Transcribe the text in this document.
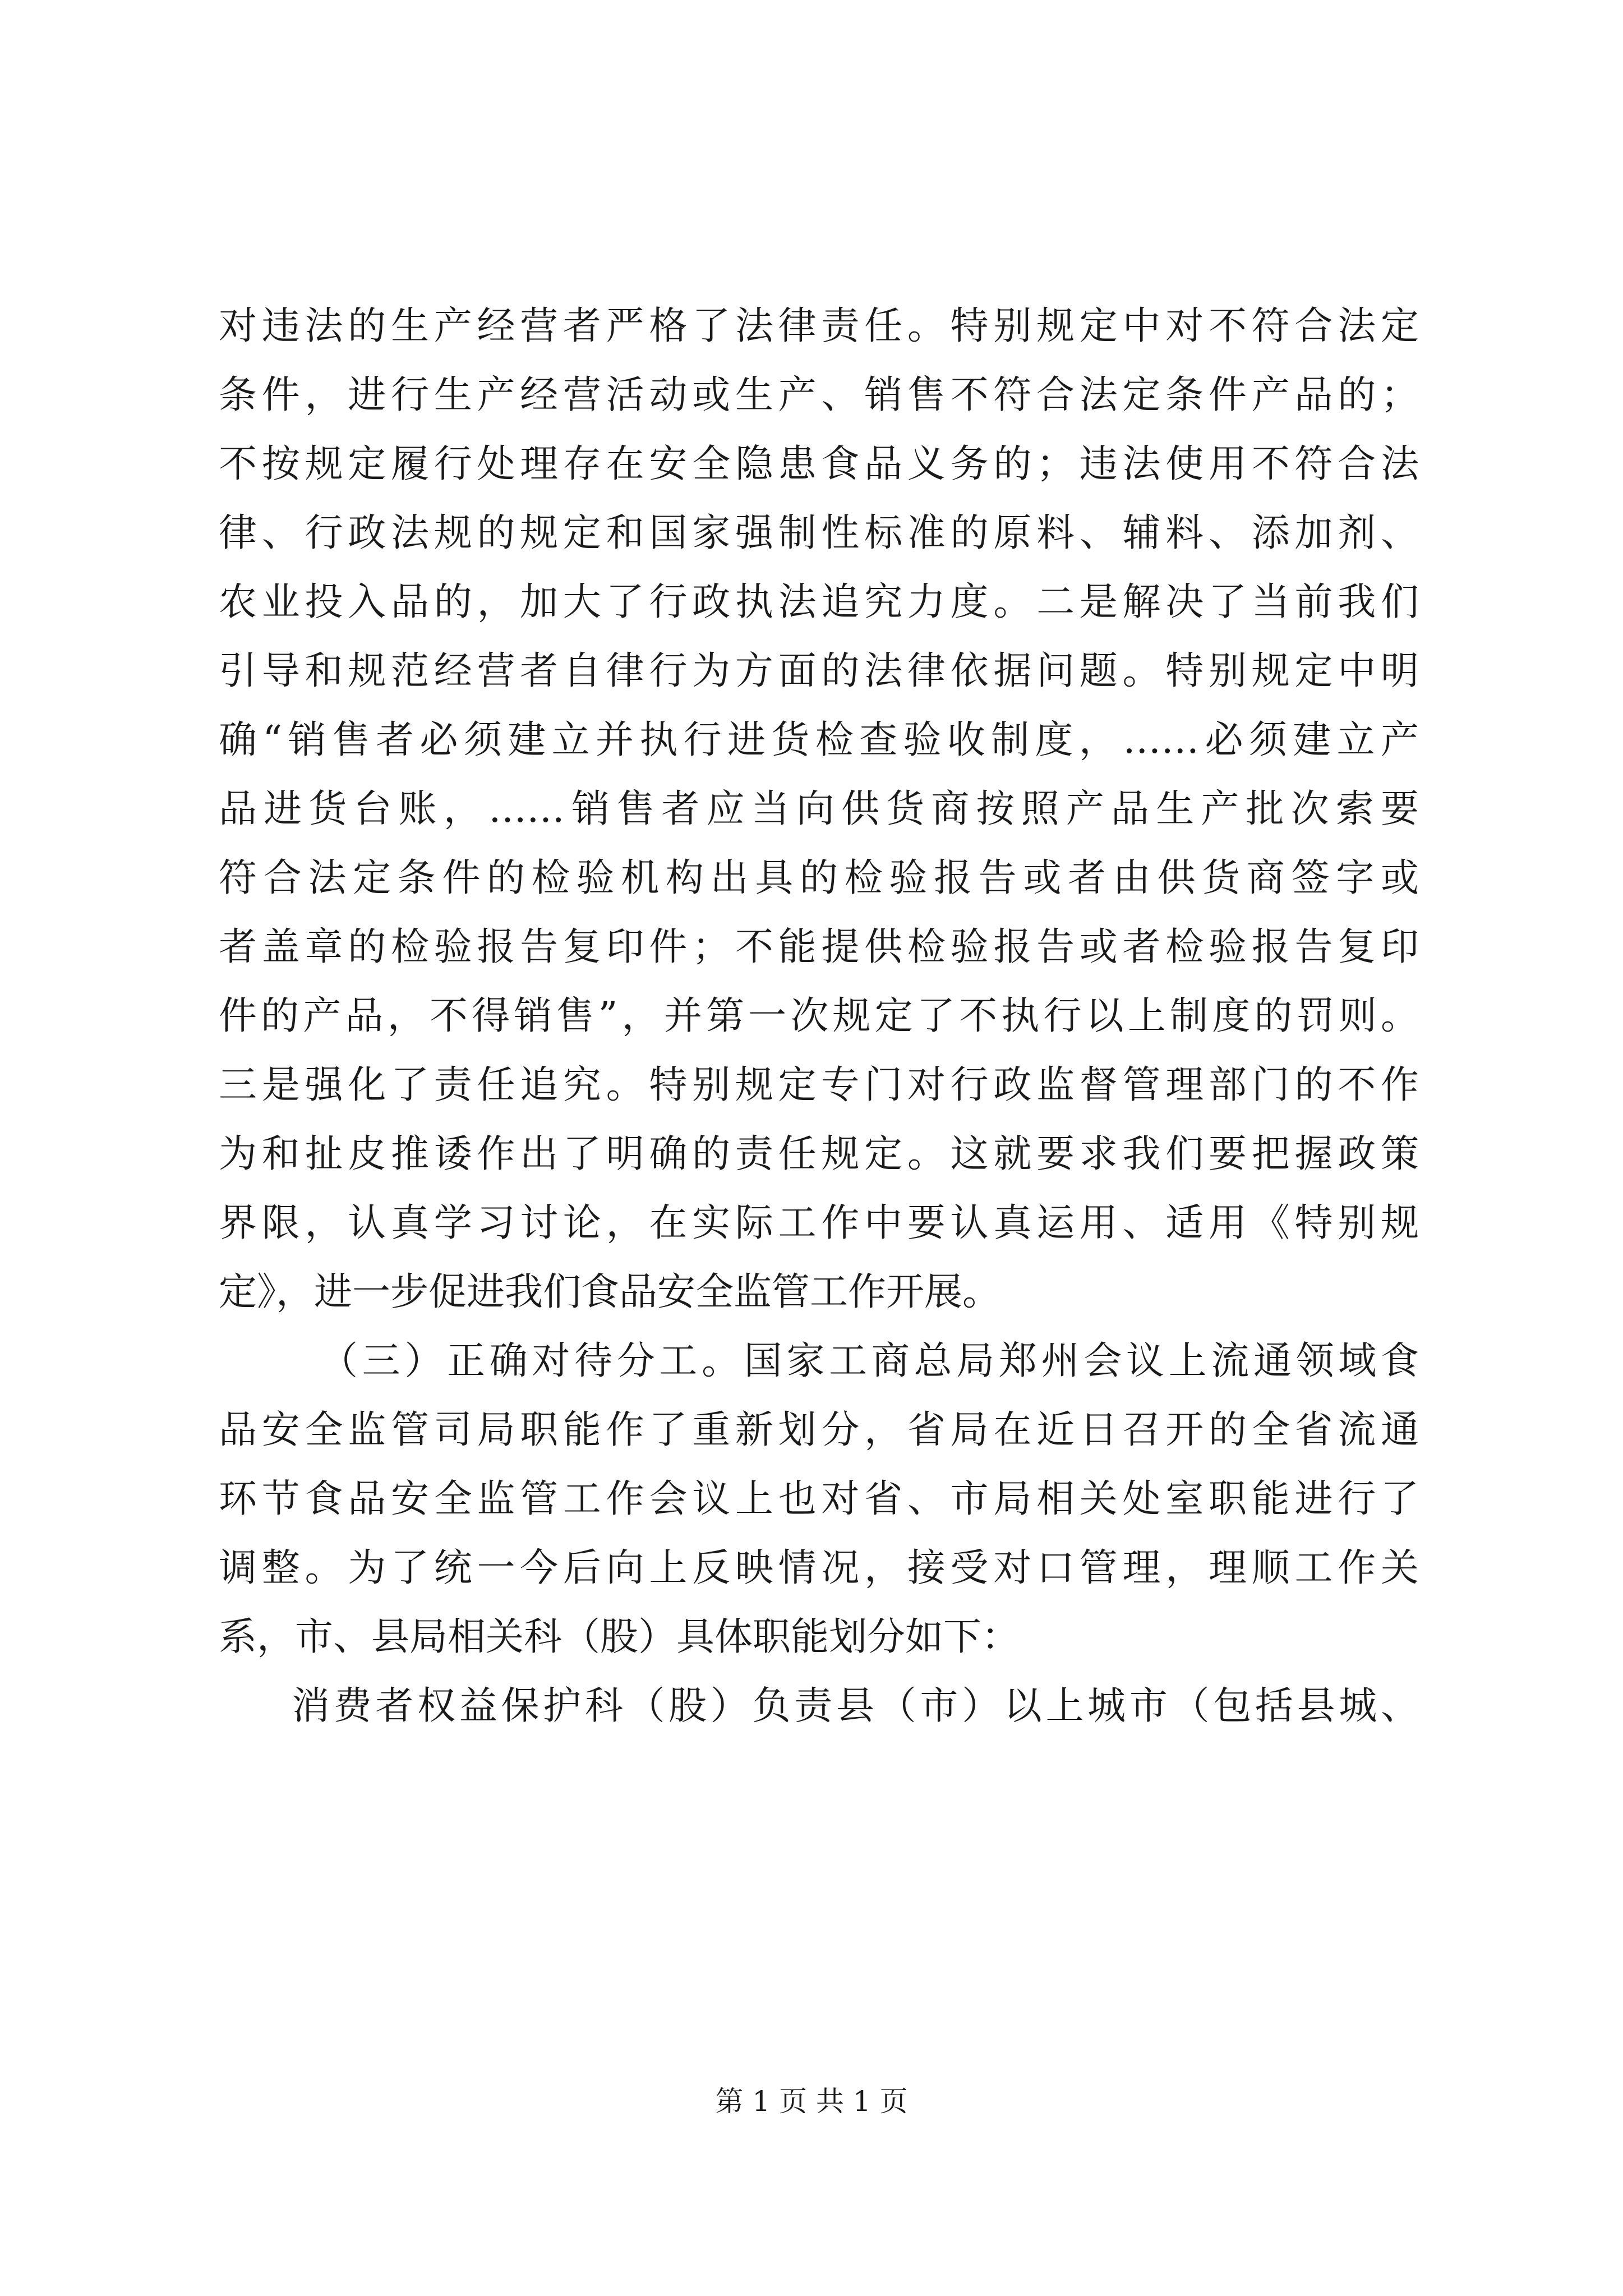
对违法的生产经营者严格了法律责任。特别规定中对不符合法定
条件，进行生产经营活动或生产、销售不符合法定条件产品的；
不按规定履行处理存在安全隐患食品义务的；违法使用不符合法
律、行政法规的规定和国家强制性标准的原料、辅料、添加剂、
农业投入品的，加大了行政执法追究力度。二是解决了当前我们
引导和规范经营者自律行为方面的法律依据问题。特别规定中明
确“销售者必须建立并执行进货检查验收制度，……必须建立产
品进货台账，……销售者应当向供货商按照产品生产批次索要
符合法定条件的检验机构出具的检验报告或者由供货商签字或
者盖章的检验报告复印件；不能提供检验报告或者检验报告复印
件的产品，不得销售”，并第一次规定了不执行以上制度的罚则。
三是强化了责任追究。特别规定专门对行政监督管理部门的不作
为和扯皮推诿作出了明确的责任规定。这就要求我们要把握政策
界限，认真学习讨论，在实际工作中要认真运用、适用《特别规
定》，进一步促进我们食品安全监管工作开展。
（三）正确对待分工。国家工商总局郑州会议上流通领域食
品安全监管司局职能作了重新划分，省局在近日召开的全省流通
环节食品安全监管工作会议上也对省、市局相关处室职能进行了
调整。为了统一今后向上反映情况，接受对口管理，理顺工作关
系，市、县局相关科（股）具体职能划分如下：
消费者权益保护科（股）负责县（市）以上城市（包括县城、
第 1 页 共 1 页
